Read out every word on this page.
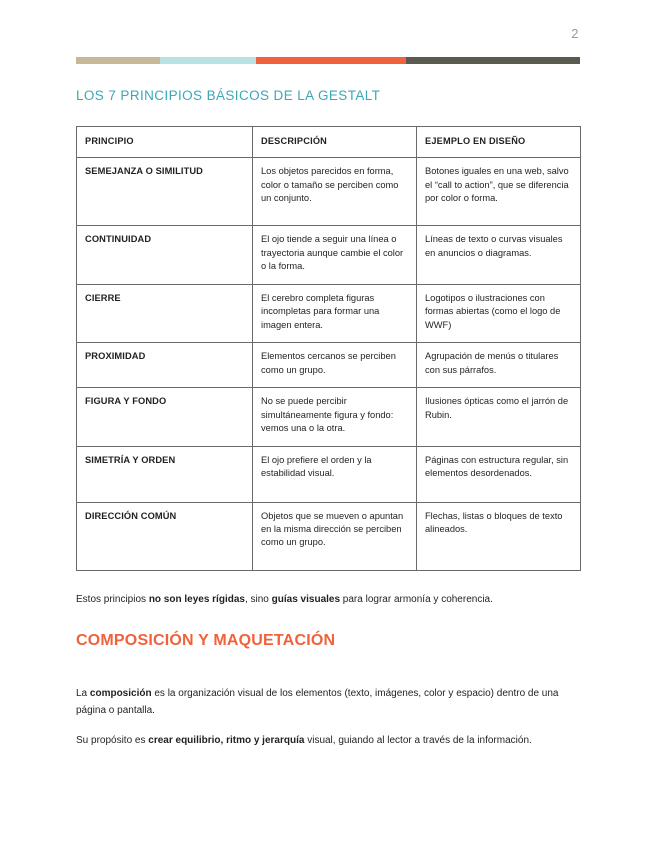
2
LOS 7 PRINCIPIOS BÁSICOS DE LA GESTALT
PRINCIPIO	DESCRIPCIÓN	EJEMPLO EN DISEÑO
SEMEJANZA O SIMILITUD	Los objetos parecidos en forma, color o tamaño se perciben como un conjunto.	Botones iguales en una web, salvo el “call to action”, que se diferencia por color o forma.
CONTINUIDAD	El ojo tiende a seguir una línea o trayectoria aunque cambie el color o la forma.	Líneas de texto o curvas visuales en anuncios o diagramas.
CIERRE	El cerebro completa figuras incompletas para formar una imagen entera.	Logotipos o ilustraciones con formas abiertas (como el logo de WWF)
PROXIMIDAD	Elementos cercanos se perciben como un grupo.	Agrupación de menús o titulares con sus párrafos.
FIGURA Y FONDO	No se puede percibir simultáneamente figura y fondo: vemos una o la otra.	Ilusiones ópticas como el jarrón de Rubin.
SIMETRÍA Y ORDEN	El ojo prefiere el orden y la estabilidad visual.	Páginas con estructura regular, sin elementos desordenados.
DIRECCIÓN COMÚN	Objetos que se mueven o apuntan en la misma dirección se perciben como un grupo.	Flechas, listas o bloques de texto alineados.

Estos principios no son leyes rígidas, sino guías visuales para lograr armonía y coherencia.

COMPOSICIÓN Y MAQUETACIÓN

La composición es la organización visual de los elementos (texto, imágenes, color y espacio) dentro de una página o pantalla.

Su propósito es crear equilibrio, ritmo y jerarquía visual, guiando al lector a través de la información.
